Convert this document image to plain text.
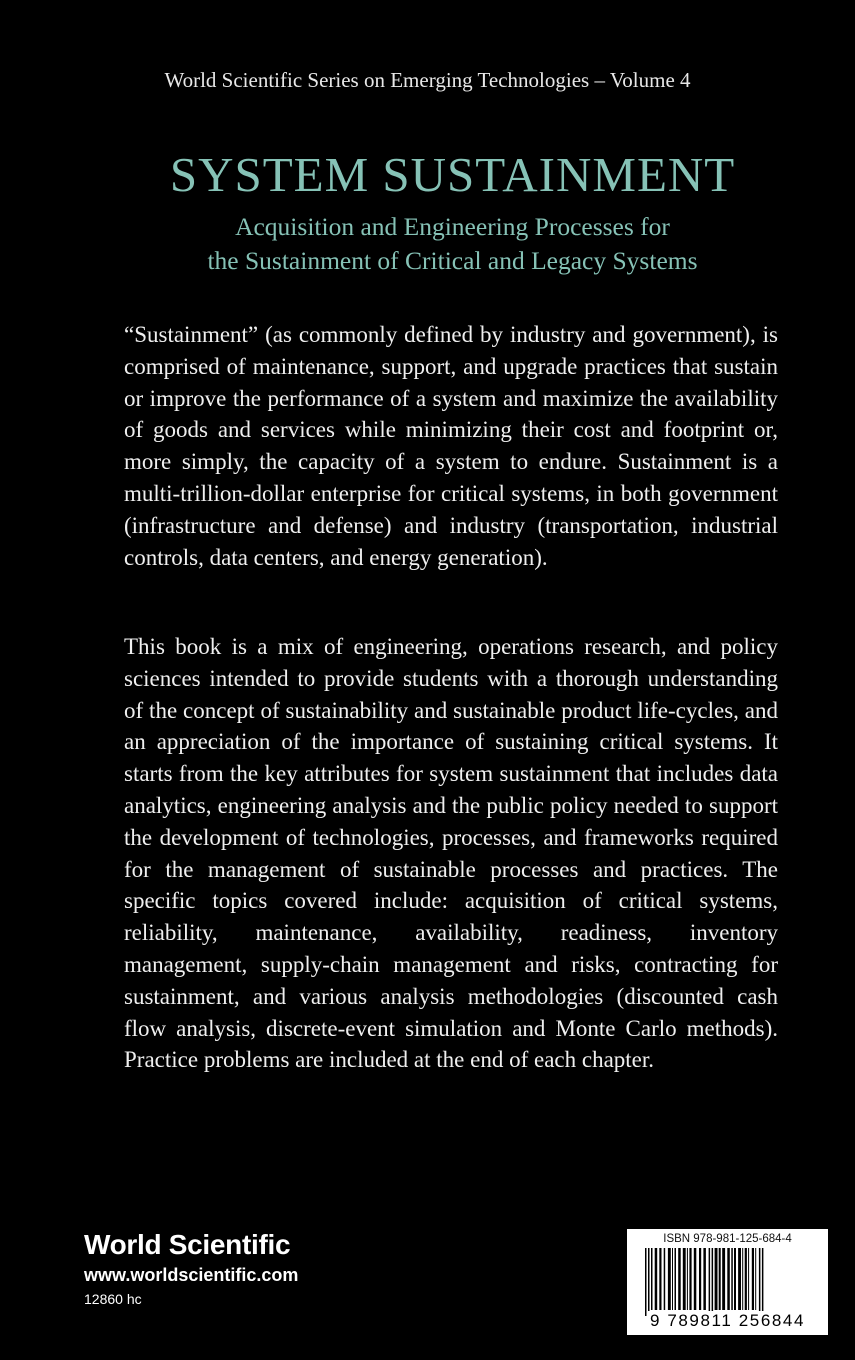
World Scientific Series on Emerging Technologies – Volume 4
SYSTEM SUSTAINMENT
Acquisition and Engineering Processes for
the Sustainment of Critical and Legacy Systems

“Sustainment” (as commonly defined by industry and government), is comprised of maintenance, support, and upgrade practices that sustain or improve the performance of a system and maximize the availability of goods and services while minimizing their cost and footprint or, more simply, the capacity of a system to endure. Sustainment is a multi-trillion-dollar enterprise for critical systems, in both government (infrastructure and defense) and industry (transportation, industrial controls, data centers, and energy generation).

This book is a mix of engineering, operations research, and policy sciences intended to provide students with a thorough understanding of the concept of sustainability and sustainable product life-cycles, and an appreciation of the importance of sustaining critical systems. It starts from the key attributes for system sustainment that includes data analytics, engineering analysis and the public policy needed to support the development of technologies, processes, and frameworks required for the management of sustainable processes and practices. The specific topics covered include: acquisition of critical systems, reliability, maintenance, availability, readiness, inventory management, supply-chain management and risks, contracting for sustainment, and various analysis methodologies (discounted cash flow analysis, discrete-event simulation and Monte Carlo methods). Practice problems are included at the end of each chapter.

World Scientific
www.worldscientific.com
12860 hc
ISBN 978-981-125-684-4
9 789811 256844
